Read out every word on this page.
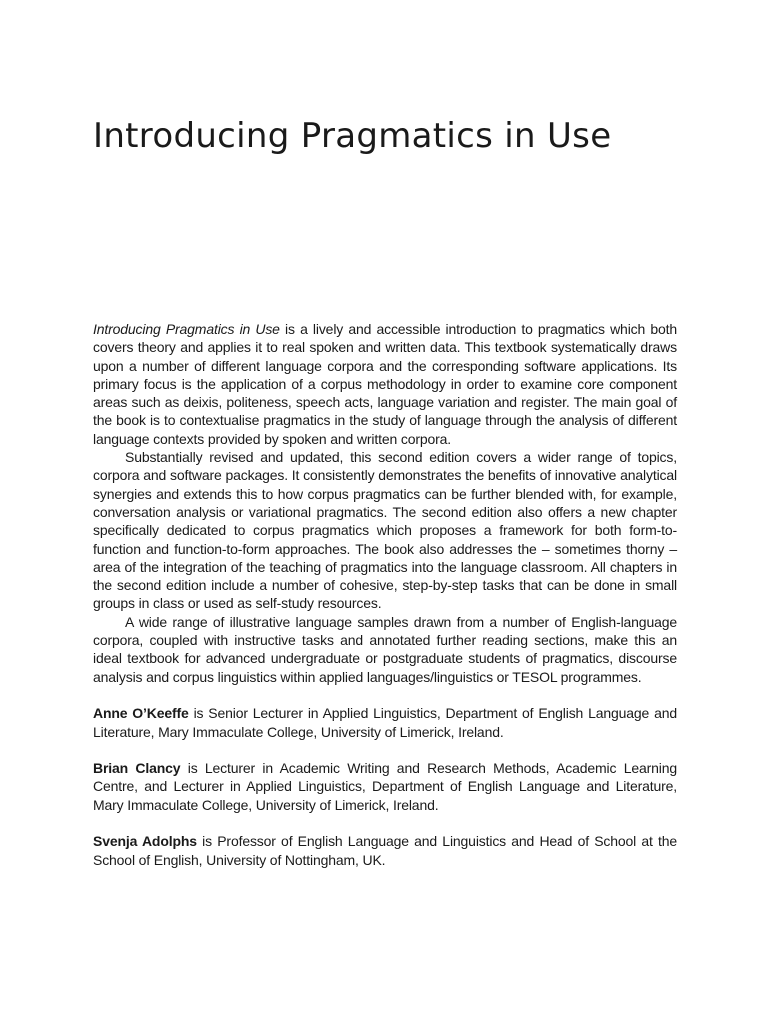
Introducing Pragmatics in Use

Introducing Pragmatics in Use is a lively and accessible introduction to pragmatics which both covers theory and applies it to real spoken and written data. This textbook systematically draws upon a number of different language corpora and the corresponding software applications. Its primary focus is the application of a corpus methodology in order to examine core component areas such as deixis, politeness, speech acts, language variation and register. The main goal of the book is to contextualise pragmatics in the study of language through the analysis of different language contexts provided by spoken and written corpora.

Substantially revised and updated, this second edition covers a wider range of topics, corpora and software packages. It consistently demonstrates the benefits of innovative analytical synergies and extends this to how corpus pragmatics can be further blended with, for example, conversation analysis or variational pragmatics. The second edition also offers a new chapter specifically dedicated to corpus pragmatics which proposes a framework for both form-to-function and function-to-form approaches. The book also addresses the – sometimes thorny – area of the integration of the teaching of pragmatics into the language classroom. All chapters in the second edition include a number of cohesive, step-by-step tasks that can be done in small groups in class or used as self-study resources.

A wide range of illustrative language samples drawn from a number of English-language corpora, coupled with instructive tasks and annotated further reading sections, make this an ideal textbook for advanced undergraduate or postgraduate students of pragmatics, discourse analysis and corpus linguistics within applied languages/linguistics or TESOL programmes.

Anne O’Keeffe is Senior Lecturer in Applied Linguistics, Department of English Language and Literature, Mary Immaculate College, University of Limerick, Ireland.

Brian Clancy is Lecturer in Academic Writing and Research Methods, Academic Learning Centre, and Lecturer in Applied Linguistics, Department of English Language and Literature, Mary Immaculate College, University of Limerick, Ireland.

Svenja Adolphs is Professor of English Language and Linguistics and Head of School at the School of English, University of Nottingham, UK.
